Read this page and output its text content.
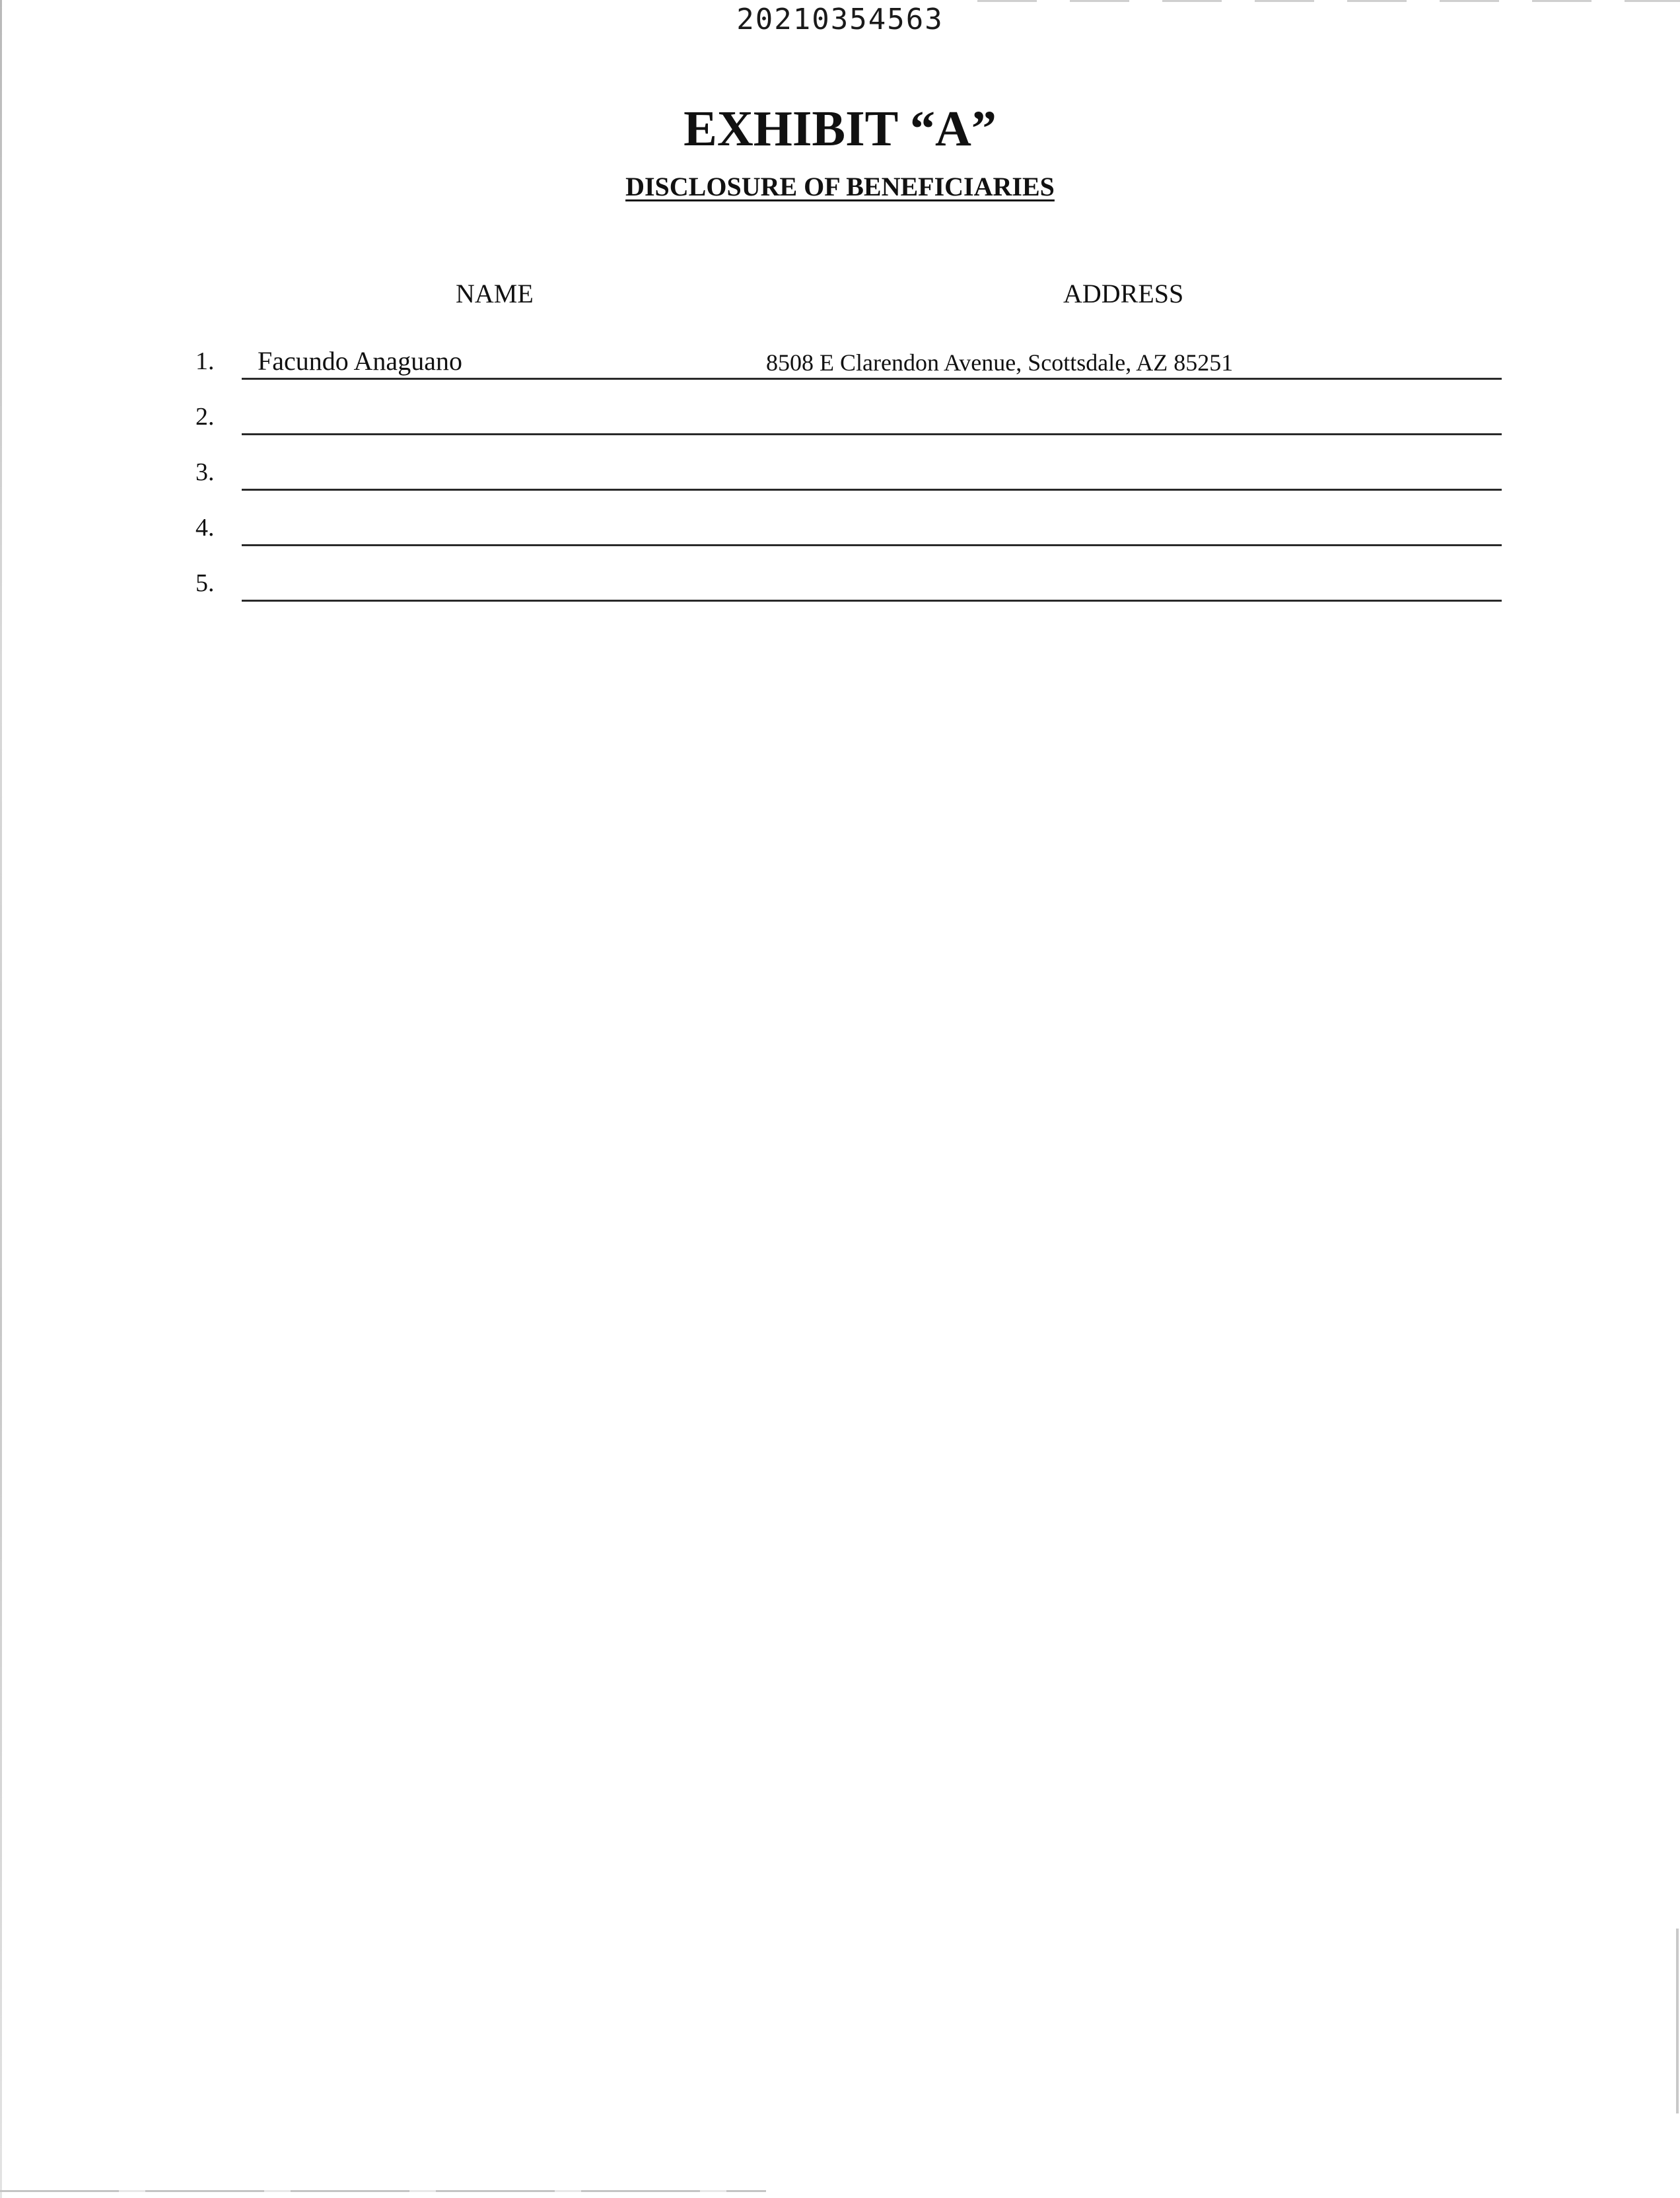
20210354563
EXHIBIT “A”
DISCLOSURE OF BENEFICIARIES
NAME	ADDRESS
1. Facundo Anaguano	8508 E Clarendon Avenue, Scottsdale, AZ 85251
2.
3.
4.
5.
